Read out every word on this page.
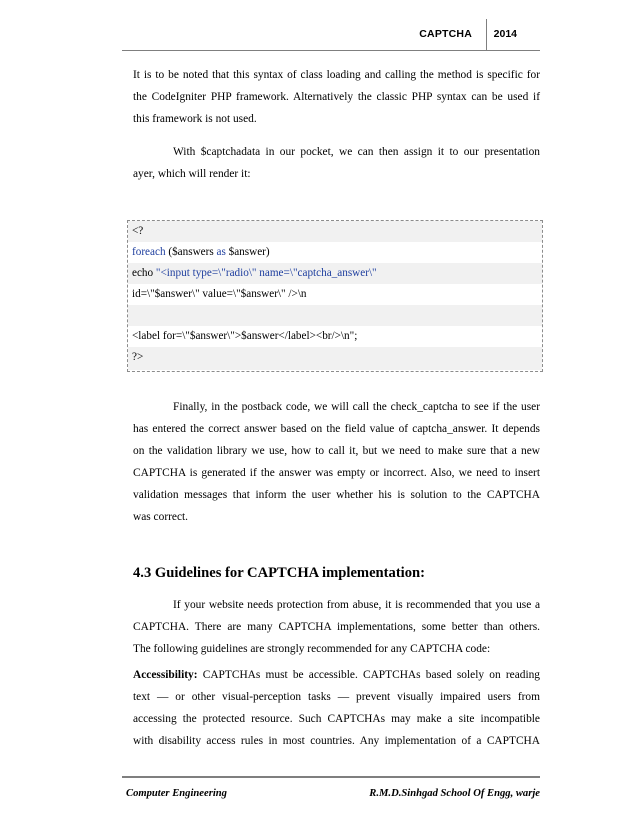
CAPTCHA 2014
It is to be noted that this syntax of class loading and calling the method is specific for
the CodeIgniter PHP framework. Alternatively the classic PHP syntax can be used if
this framework is not used.
With $captchadata in our pocket, we can then assign it to our presentation
ayer, which will render it:
<?
foreach ($answers as $answer)
echo "<input type=\"radio\" name=\"captcha_answer\"
id=\"$answer\" value=\"$answer\" />\n
<label for=\"$answer\">$answer</label><br/>\n";
?>
Finally, in the postback code, we will call the check_captcha to see if the user
has entered the correct answer based on the field value of captcha_answer. It depends
on the validation library we use, how to call it, but we need to make sure that a new
CAPTCHA is generated if the answer was empty or incorrect. Also, we need to insert
validation messages that inform the user whether his is solution to the CAPTCHA
was correct.
4.3 Guidelines for CAPTCHA implementation:
If your website needs protection from abuse, it is recommended that you use a
CAPTCHA. There are many CAPTCHA implementations, some better than others.
The following guidelines are strongly recommended for any CAPTCHA code:
Accessibility: CAPTCHAs must be accessible. CAPTCHAs based solely on reading
text — or other visual-perception tasks — prevent visually impaired users from
accessing the protected resource. Such CAPTCHAs may make a site incompatible
with disability access rules in most countries. Any implementation of a CAPTCHA
Computer Engineering	R.M.D.Sinhgad School Of Engg, warje
